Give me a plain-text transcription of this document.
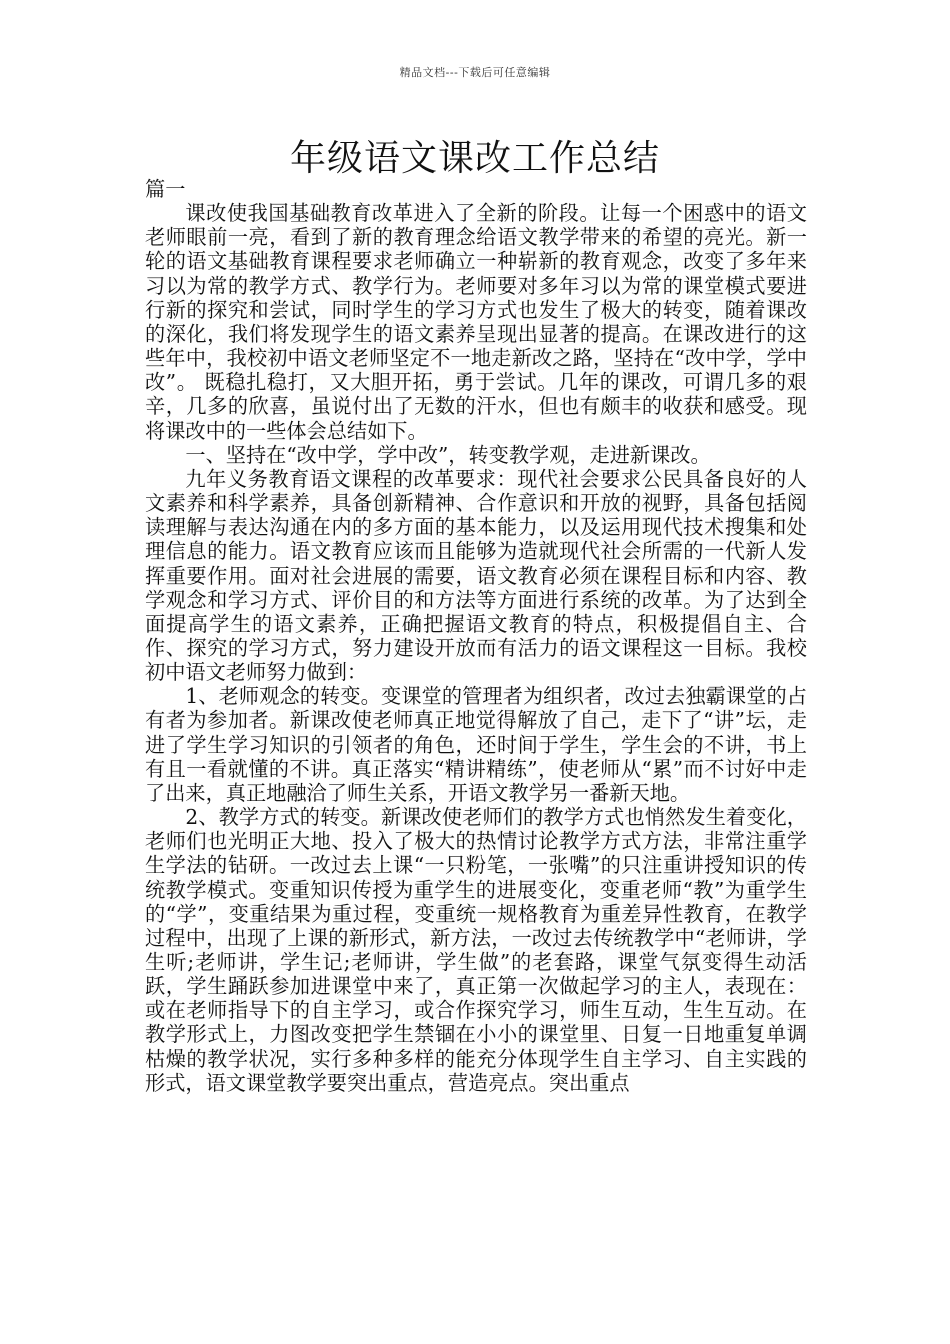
精品文档---下载后可任意编辑
年级语文课改工作总结

篇一

课改使我国基础教育改革进入了全新的阶段。让每一个困惑中的语文老师眼前一亮，看到了新的教育理念给语文教学带来的希望的亮光。新一轮的语文基础教育课程要求老师确立一种崭新的教育观念，改变了多年来习以为常的教学方式、教学行为。老师要对多年习以为常的课堂模式要进行新的探究和尝试，同时学生的学习方式也发生了极大的转变，随着课改的深化，我们将发现学生的语文素养呈现出显著的提高。在课改进行的这些年中，我校初中语文老师坚定不一地走新改之路，坚持在“改中学，学中改”。 既稳扎稳打，又大胆开拓，勇于尝试。几年的课改，可谓几多的艰辛，几多的欣喜，虽说付出了无数的汗水，但也有颇丰的收获和感受。现将课改中的一些体会总结如下。

一、坚持在“改中学，学中改”，转变教学观，走进新课改。

九年义务教育语文课程的改革要求：现代社会要求公民具备良好的人文素养和科学素养，具备创新精神、合作意识和开放的视野，具备包括阅读理解与表达沟通在内的多方面的基本能力，以及运用现代技术搜集和处理信息的能力。语文教育应该而且能够为造就现代社会所需的一代新人发挥重要作用。面对社会进展的需要，语文教育必须在课程目标和内容、教学观念和学习方式、评价目的和方法等方面进行系统的改革。为了达到全面提高学生的语文素养，正确把握语文教育的特点，积极提倡自主、合作、探究的学习方式，努力建设开放而有活力的语文课程这一目标。我校初中语文老师努力做到：

1、老师观念的转变。变课堂的管理者为组织者，改过去独霸课堂的占有者为参加者。新课改使老师真正地觉得解放了自己，走下了“讲”坛，走进了学生学习知识的引领者的角色，还时间于学生，学生会的不讲，书上有且一看就懂的不讲。真正落实“精讲精练”，使老师从“累”而不讨好中走了出来，真正地融洽了师生关系，开语文教学另一番新天地。

2、教学方式的转变。新课改使老师们的教学方式也悄然发生着变化，老师们也光明正大地、投入了极大的热情讨论教学方式方法，非常注重学生学法的钻研。一改过去上课“一只粉笔，一张嘴”的只注重讲授知识的传统教学模式。变重知识传授为重学生的进展变化，变重老师“教”为重学生的“学”，变重结果为重过程，变重统一规格教育为重差异性教育，在教学过程中，出现了上课的新形式，新方法，一改过去传统教学中“老师讲，学生听;老师讲，学生记;老师讲，学生做”的老套路，课堂气氛变得生动活跃，学生踊跃参加进课堂中来了，真正第一次做起学习的主人，表现在：或在老师指导下的自主学习，或合作探究学习，师生互动，生生互动。在教学形式上，力图改变把学生禁锢在小小的课堂里、日复一日地重复单调枯燥的教学状况，实行多种多样的能充分体现学生自主学习、自主实践的形式，语文课堂教学要突出重点，营造亮点。突出重点
